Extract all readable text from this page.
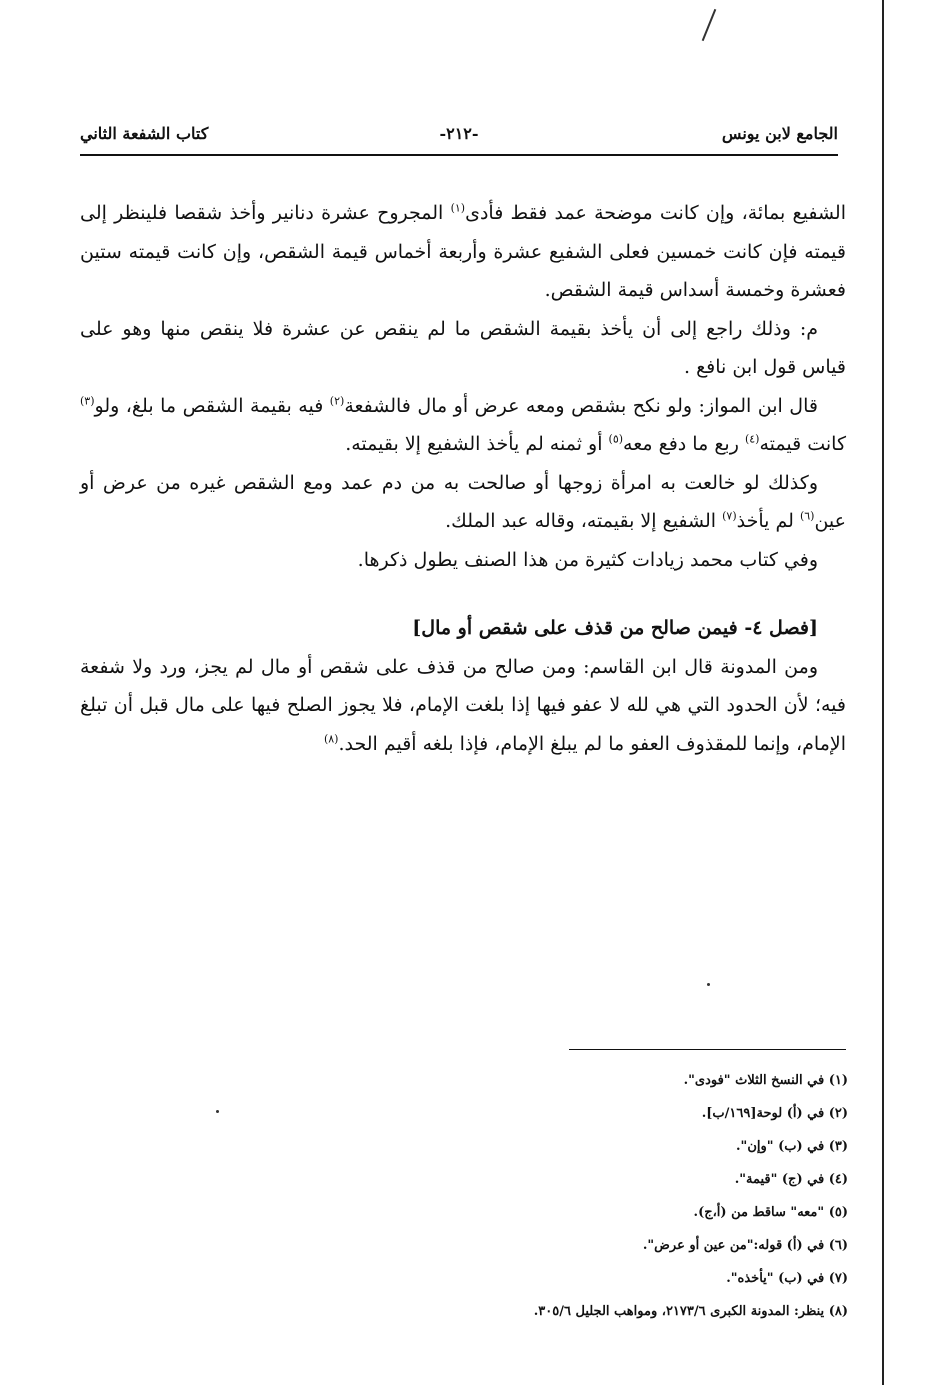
الجامع لابن يونس
-٢١٢-
كتاب الشفعة الثاني

الشفيع بمائة، وإن كانت موضحة عمد فقط فأدى$^{(١)}$ المجروح عشرة دنانير وأخذ شقصا فلينظر إلى قيمته فإن كانت خمسين فعلى الشفيع عشرة وأربعة أخماس قيمة الشقص، وإن كانت قيمته ستين فعشرة وخمسة أسداس قيمة الشقص.

م: وذلك راجع إلى أن يأخذ بقيمة الشقص ما لم ينقص عن عشرة فلا ينقص منها وهو على قياس قول ابن نافع .

قال ابن المواز: ولو نكح بشقص ومعه عرض أو مال فالشفعة$^{(٢)}$ فيه بقيمة الشقص ما بلغ، ولو$^{(٣)}$ كانت قيمته$^{(٤)}$ ربع ما دفع معه$^{(٥)}$ أو ثمنه لم يأخذ الشفيع إلا بقيمته.

وكذلك لو خالعت به امرأة زوجها أو صالحت به من دم عمد ومع الشقص غيره من عرض أو عين$^{(٦)}$ لم يأخذ$^{(٧)}$ الشفيع إلا بقيمته، وقاله عبد الملك.

وفي كتاب محمد زيادات كثيرة من هذا الصنف يطول ذكرها.

[فصل ٤- فيمن صالح من قذف على شقص أو مال]

ومن المدونة قال ابن القاسم: ومن صالح من قذف على شقص أو مال لم يجز، ورد ولا شفعة فيه؛ لأن الحدود التي هي لله لا عفو فيها إذا بلغت الإمام، فلا يجوز الصلح فيها على مال قبل أن تبلغ الإمام، وإنما للمقذوف العفو ما لم يبلغ الإمام، فإذا بلغه أقيم الحد.$^{(٨)}$

(١) في النسخ الثلاث "فودى".
(٢) في (أ) لوحة[١٦٩/ب].
(٣) في (ب) "وإن".
(٤) في (ج) "قيمة".
(٥) "معه" ساقط من (أ،ج).
(٦) في (أ) قوله:"من عين أو عرض".
(٧) في (ب) "يأخذه".
(٨) ينظر: المدونة الكبرى ٢١٧٣/٦، ومواهب الجليل ٣٠٥/٦.
